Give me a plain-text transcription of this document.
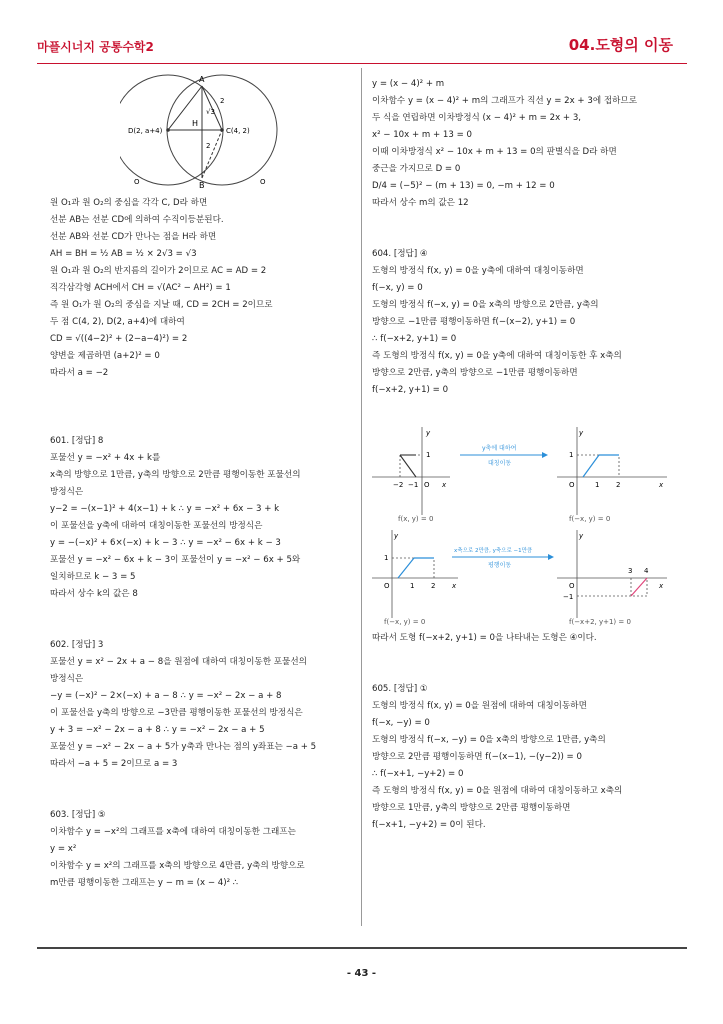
마플시너지 공통수학2	04.도형의 이동
A
B
H
D(2, a+4)	C(4, 2)
2
2
√3
O	O
원 O₁과 원 O₂의 중심을 각각 C, D라 하면
선분 AB는 선분 CD에 의하여 수직이등분된다.
선분 AB와 선분 CD가 만나는 점을 H라 하면
AH = BH = ½ AB = ½ × 2√3 = √3
원 O₁과 원 O₂의 반지름의 길이가 2이므로 AC = AD = 2
직각삼각형 ACH에서 CH = √(AC² − AH²) = 1
즉 원 O₁가 원 O₂의 중심을 지날 때, CD = 2CH = 2이므로
두 점 C(4, 2), D(2, a+4)에 대하여
CD = √((4−2)² + (2−a−4)²) = 2
양변을 제곱하면 (a+2)² = 0
따라서 a = −2
601. [정답] 8
포물선 y = −x² + 4x + k를
x축의 방향으로 1만큼, y축의 방향으로 2만큼 평행이동한 포물선의
방정식은
y−2 = −(x−1)² + 4(x−1) + k ∴ y = −x² + 6x − 3 + k
이 포물선을 y축에 대하여 대칭이동한 포물선의 방정식은
y = −(−x)² + 6×(−x) + k − 3 ∴ y = −x² − 6x + k − 3
포물선 y = −x² − 6x + k − 3이 포물선이 y = −x² − 6x + 5와
일치하므로 k − 3 = 5
따라서 상수 k의 값은 8
602. [정답] 3
포물선 y = x² − 2x + a − 8을 원점에 대하여 대칭이동한 포물선의
방정식은
−y = (−x)² − 2×(−x) + a − 8 ∴ y = −x² − 2x − a + 8
이 포물선을 y축의 방향으로 −3만큼 평행이동한 포물선의 방정식은
y + 3 = −x² − 2x − a + 8 ∴ y = −x² − 2x − a + 5
포물선 y = −x² − 2x − a + 5가 y축과 만나는 점의 y좌표는 −a + 5
따라서 −a + 5 = 2이므로 a = 3
603. [정답] ⑤
이차함수 y = −x²의 그래프를 x축에 대하여 대칭이동한 그래프는
y = x²
이차함수 y = x²의 그래프를 x축의 방향으로 4만큼, y축의 방향으로
m만큼 평행이동한 그래프는 y − m = (x − 4)² ∴
y = (x − 4)² + m
이차함수 y = (x − 4)² + m의 그래프가 직선 y = 2x + 3에 접하므로
두 식을 연립하면 이차방정식 (x − 4)² + m = 2x + 3,
x² − 10x + m + 13 = 0
이때 이차방정식 x² − 10x + m + 13 = 0의 판별식을 D라 하면
중근을 가지므로 D = 0
D/4 = (−5)² − (m + 13) = 0, −m + 12 = 0
따라서 상수 m의 값은 12
604. [정답] ④
도형의 방정식 f(x, y) = 0을 y축에 대하여 대칭이동하면
f(−x, y) = 0
도형의 방정식 f(−x, y) = 0을 x축의 방향으로 2만큼, y축의
방향으로 −1만큼 평행이동하면 f(−(x−2), y+1) = 0
∴ f(−x+2, y+1) = 0
즉 도형의 방정식 f(x, y) = 0을 y축에 대하여 대칭이동한 후 x축의
방향으로 2만큼, y축의 방향으로 −1만큼 평행이동하면
f(−x+2, y+1) = 0
−2 −1 O
1
x
y
f(x, y) = 0
y축에 대하여
대칭이동
O	1 2
1
x
y
f(−x, y) = 0
1
O	1 2 x
y
f(−x, y) = 0
x축으로 2만큼, y축으로 −1만큼
평행이동
O
3 4
−1
x
y
f(−x+2, y+1) = 0
따라서 도형 f(−x+2, y+1) = 0을 나타내는 도형은 ④이다.
605. [정답] ①
도형의 방정식 f(x, y) = 0을 원점에 대하여 대칭이동하면
f(−x, −y) = 0
도형의 방정식 f(−x, −y) = 0을 x축의 방향으로 1만큼, y축의
방향으로 2만큼 평행이동하면 f(−(x−1), −(y−2)) = 0
∴ f(−x+1, −y+2) = 0
즉 도형의 방정식 f(x, y) = 0을 원점에 대하여 대칭이동하고 x축의
방향으로 1만큼, y축의 방향으로 2만큼 평행이동하면
f(−x+1, −y+2) = 0이 된다.
- 43 -
